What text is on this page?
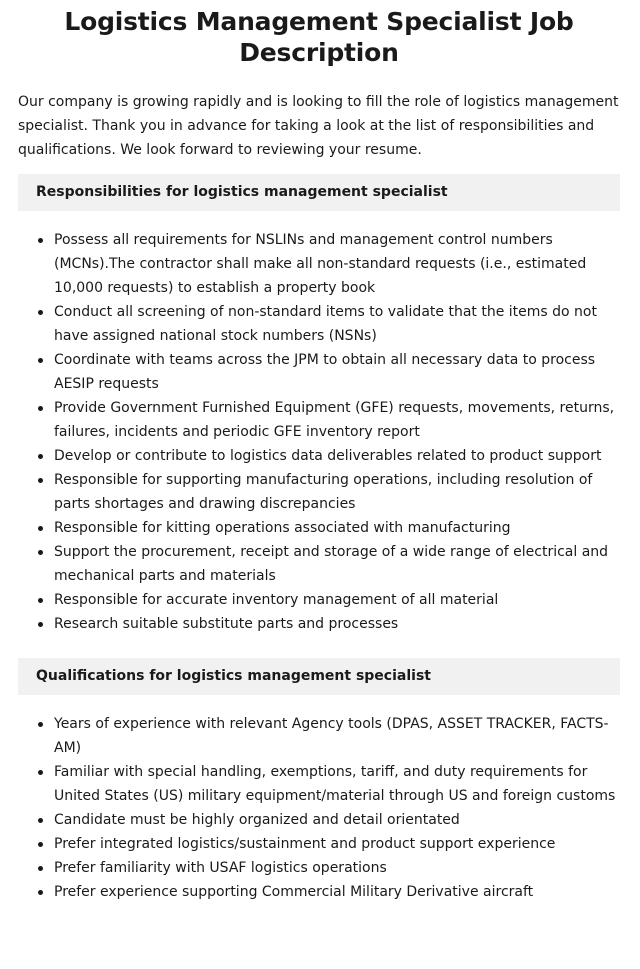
Logistics Management Specialist Job Description

Our company is growing rapidly and is looking to fill the role of logistics management specialist. Thank you in advance for taking a look at the list of responsibilities and qualifications. We look forward to reviewing your resume.

Responsibilities for logistics management specialist
Possess all requirements for NSLINs and management control numbers (MCNs).The contractor shall make all non-standard requests (i.e., estimated 10,000 requests) to establish a property book
Conduct all screening of non-standard items to validate that the items do not have assigned national stock numbers (NSNs)
Coordinate with teams across the JPM to obtain all necessary data to process AESIP requests
Provide Government Furnished Equipment (GFE) requests, movements, returns, failures, incidents and periodic GFE inventory report
Develop or contribute to logistics data deliverables related to product support
Responsible for supporting manufacturing operations, including resolution of parts shortages and drawing discrepancies
Responsible for kitting operations associated with manufacturing
Support the procurement, receipt and storage of a wide range of electrical and mechanical parts and materials
Responsible for accurate inventory management of all material
Research suitable substitute parts and processes
Qualifications for logistics management specialist
Years of experience with relevant Agency tools (DPAS, ASSET TRACKER, FACTS-AM)
Familiar with special handling, exemptions, tariff, and duty requirements for United States (US) military equipment/material through US and foreign customs
Candidate must be highly organized and detail orientated
Prefer integrated logistics/sustainment and product support experience
Prefer familiarity with USAF logistics operations
Prefer experience supporting Commercial Military Derivative aircraft
